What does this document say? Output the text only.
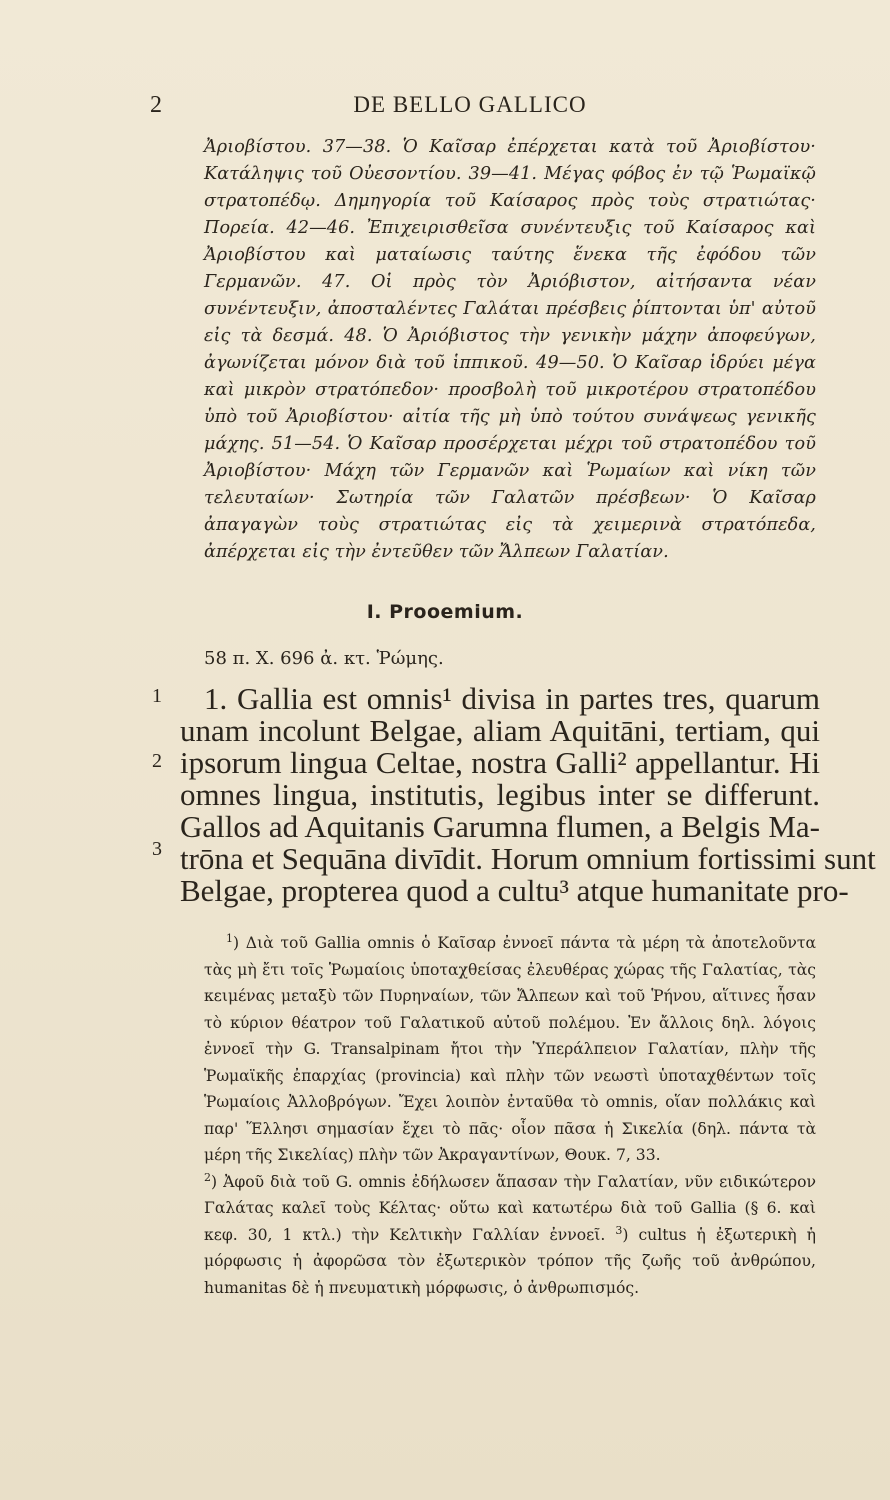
2	DE BELLO GALLICO

Ἀριοβίστου. 37—38. Ὁ Καῖσαρ ἐπέρχεται κατὰ τοῦ Ἀριοβίστου· Κατάληψις τοῦ Οὐεσοντίου. 39—41. Μέγας φόβος ἐν τῷ Ῥωμαϊκῷ στρατοπέδῳ. Δημηγορία τοῦ Καίσαρος πρὸς τοὺς στρατιώτας· Πορεία. 42—46. Ἐπιχειρισθεῖσα συνέντευξις τοῦ Καίσαρος καὶ Ἀριοβίστου καὶ ματαίωσις ταύτης ἕνεκα τῆς ἐφόδου τῶν Γερμανῶν. 47. Οἱ πρὸς τὸν Ἀριόβιστον, αἰτήσαντα νέαν συνέντευξιν, ἀποσταλέντες Γαλάται πρέσβεις ῥίπτονται ὑπ' αὐτοῦ εἰς τὰ δεσμά. 48. Ὁ Ἀριόβιστος τὴν γενικὴν μάχην ἀποφεύγων, ἀγωνίζεται μόνον διὰ τοῦ ἱππικοῦ. 49—50. Ὁ Καῖσαρ ἱδρύει μέγα καὶ μικρὸν στρατόπεδον· προσβολὴ τοῦ μικροτέρου στρατοπέδου ὑπὸ τοῦ Ἀριοβίστου· αἰτία τῆς μὴ ὑπὸ τούτου συνάψεως γενικῆς μάχης. 51—54. Ὁ Καῖσαρ προσέρχεται μέχρι τοῦ στρατοπέδου τοῦ Ἀριοβίστου· Μάχη τῶν Γερμανῶν καὶ Ῥωμαίων καὶ νίκη τῶν τελευταίων· Σωτηρία τῶν Γαλατῶν πρέσβεων· Ὁ Καῖσαρ ἀπαγαγὼν τοὺς στρατιώτας εἰς τὰ χειμερινὰ στρατόπεδα, ἀπέρχεται εἰς τὴν ἐντεῦθεν τῶν Ἄλπεων Γαλατίαν.

I. Prooemium.
58 π. X. 696 ἀ. κτ. Ῥώμης.
1
2
3
1. Gallia est omnis¹ divisa in partes tres, quarum
unam incolunt Belgae, aliam Aquitāni, tertiam, qui
ipsorum lingua Celtae, nostra Galli² appellantur. Hi
omnes lingua, institutis, legibus inter se differunt.
Gallos ad Aquitanis Garumna flumen, a Belgis Ma-
trōna et Sequāna divīdit. Horum omnium fortissimi sunt
Belgae, propterea quod a cultu³ atque humanitate pro-

$^1$) Διὰ τοῦ Gallia omnis ὁ Καῖσαρ ἐννοεῖ πάντα τὰ μέρη τὰ ἀποτελοῦντα τὰς μὴ ἔτι τοῖς Ῥωμαίοις ὑποταχθείσας ἐλευθέρας χώρας τῆς Γαλατίας, τὰς κειμένας μεταξὺ τῶν Πυρηναίων, τῶν Ἄλπεων καὶ τοῦ Ῥήνου, αἵτινες ἦσαν τὸ κύριον θέατρον τοῦ Γαλατικοῦ αὐτοῦ πολέμου. Ἐν ἄλλοις δηλ. λόγοις ἐννοεῖ τὴν G. Transalpinam ἤτοι τὴν Ὑπεράλπειον Γαλατίαν, πλὴν τῆς Ῥωμαϊκῆς ἐπαρχίας (provincia) καὶ πλὴν τῶν νεωστὶ ὑποταχθέντων τοῖς Ῥωμαίοις Ἀλλοβρόγων. Ἔχει λοιπὸν ἐνταῦθα τὸ omnis, οἵαν πολλάκις καὶ παρ' Ἕλλησι σημασίαν ἔχει τὸ πᾶς· οἷον πᾶσα ἡ Σικελία (δηλ. πάντα τὰ μέρη τῆς Σικελίας) πλὴν τῶν Ἀκραγαντίνων, Θουκ. 7, 33.

$^2$) Ἀφοῦ διὰ τοῦ G. omnis ἐδήλωσεν ἅπασαν τὴν Γαλατίαν, νῦν ειδικώτερον Γαλάτας καλεῖ τοὺς Κέλτας· οὕτω καὶ κατωτέρω διὰ τοῦ Gallia (§ 6. καὶ κεφ. 30, 1 κτλ.) τὴν Κελτικὴν Γαλλίαν ἐννοεῖ. $^3$) cultus ἡ ἐξωτερικὴ ἡ μόρφωσις ἡ ἀφορῶσα τὸν ἐξωτερικὸν τρόπον τῆς ζωῆς τοῦ ἀνθρώπου, humanitas δὲ ἡ πνευματικὴ μόρφωσις, ὁ ἀνθρωπισμός.
